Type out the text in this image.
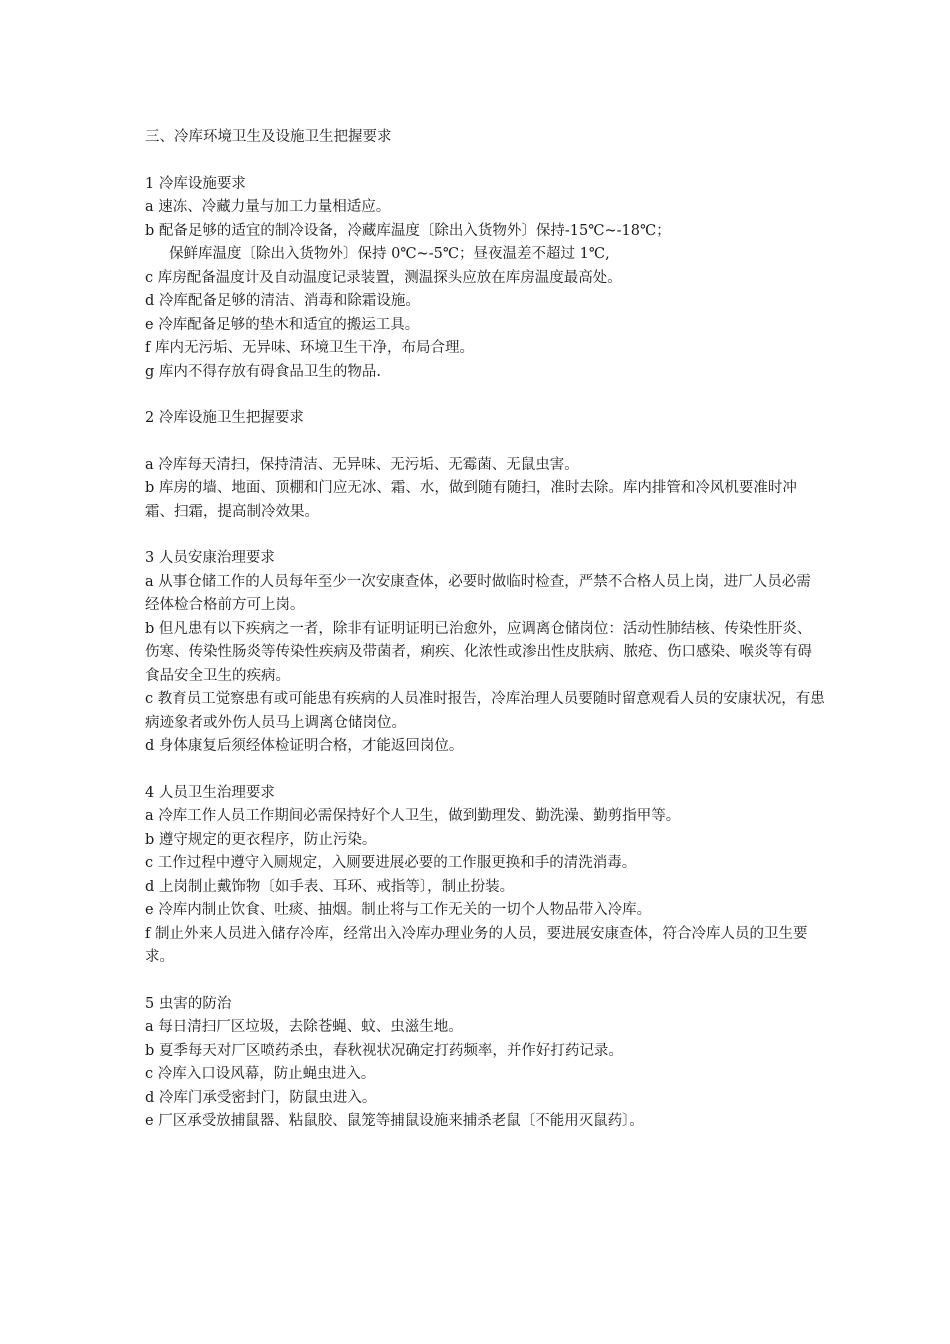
三、冷库环境卫生及设施卫生把握要求

1 冷库设施要求

a 速冻、冷藏力量与加工力量相适应。

b 配备足够的适宜的制冷设备，冷藏库温度〔除出入货物外〕保持-15℃~-18℃；

保鲜库温度〔除出入货物外〕保持 0℃~-5℃；昼夜温差不超过 1℃,

c 库房配备温度计及自动温度记录装置，测温探头应放在库房温度最高处。

d 冷库配备足够的清洁、消毒和除霜设施。

e 冷库配备足够的垫木和适宜的搬运工具。

f 库内无污垢、无异味、环境卫生干净，布局合理。

g 库内不得存放有碍食品卫生的物品.

2 冷库设施卫生把握要求

a 冷库每天清扫，保持清洁、无异味、无污垢、无霉菌、无鼠虫害。

b 库房的墙、地面、顶棚和门应无冰、霜、水，做到随有随扫，准时去除。库内排管和冷风机要准时冲霜、扫霜，提高制冷效果。

3 人员安康治理要求

a 从事仓储工作的人员每年至少一次安康查体，必要时做临时检查，严禁不合格人员上岗，进厂人员必需经体检合格前方可上岗。

b 但凡患有以下疾病之一者，除非有证明证明已治愈外，应调离仓储岗位：活动性肺结核、传染性肝炎、伤寒、传染性肠炎等传染性疾病及带菌者，痢疾、化浓性或渗出性皮肤病、脓疮、伤口感染、喉炎等有碍食品安全卫生的疾病。

c 教育员工觉察患有或可能患有疾病的人员准时报告，冷库治理人员要随时留意观看人员的安康状况，有患病迹象者或外伤人员马上调离仓储岗位。

d 身体康复后须经体检证明合格，才能返回岗位。

4 人员卫生治理要求

a 冷库工作人员工作期间必需保持好个人卫生，做到勤理发、勤洗澡、勤剪指甲等。

b 遵守规定的更衣程序，防止污染。

c 工作过程中遵守入厕规定，入厕要进展必要的工作服更换和手的清洗消毒。

d 上岗制止戴饰物〔如手表、耳环、戒指等〕，制止扮装。

e 冷库内制止饮食、吐痰、抽烟。制止将与工作无关的一切个人物品带入冷库。

f 制止外来人员进入储存冷库，经常出入冷库办理业务的人员，要进展安康查体，符合冷库人员的卫生要求。

5 虫害的防治

a 每日清扫厂区垃圾，去除苍蝇、蚊、虫滋生地。

b 夏季每天对厂区喷药杀虫，春秋视状况确定打药频率，并作好打药记录。

c 冷库入口设风幕，防止蝇虫进入。

d 冷库门承受密封门，防鼠虫进入。

e 厂区承受放捕鼠器、粘鼠胶、鼠笼等捕鼠设施来捕杀老鼠〔不能用灭鼠药〕。
